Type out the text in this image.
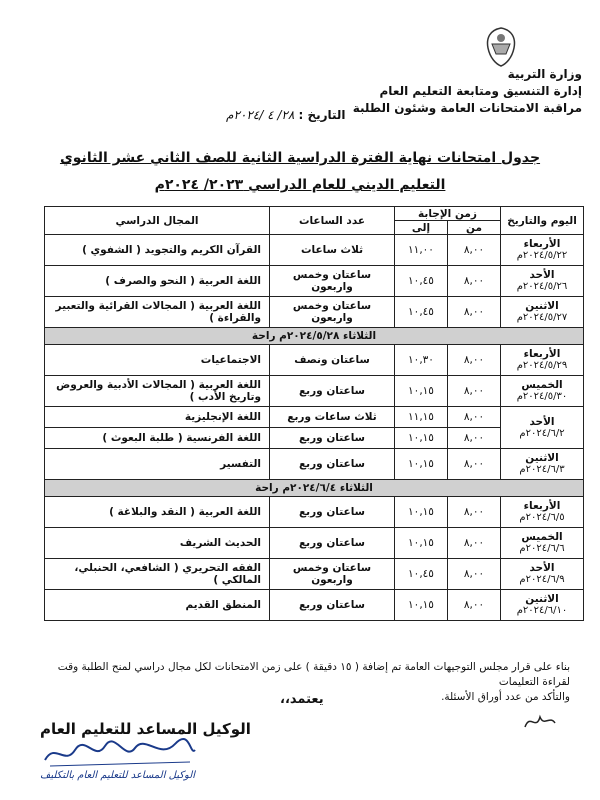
وزارة التربية
إدارة التنسيق ومتابعة التعليم العام
مراقبة الامتحانات العامة وشئون الطلبة
التاريخ : ٢٨/ ٤ /٢٠٢٤م
جدول امتحانات نهاية الفترة الدراسية الثانية للصف الثاني عشر الثانوي
التعليم الديني للعام الدراسي ٢٠٢٣/ ٢٠٢٤م
اليوم والتاريخ	زمن الإجابة		عدد الساعات	المجال الدراسي
	من	إلى		
الأربعاء
٢٠٢٤/٥/٢٢م	٨,٠٠	١١,٠٠	ثلاث ساعات	القرآن الكريم والتجويد ( الشفوي )
الأحد
٢٠٢٤/٥/٢٦م	٨,٠٠	١٠,٤٥	ساعتان وخمس واربعون	اللغة العربية ( النحو والصرف )
الاثنين
٢٠٢٤/٥/٢٧م	٨,٠٠	١٠,٤٥	ساعتان وخمس واربعون	اللغة العربية ( المجالات القرائية والتعبير والقراءة )
الثلاثاء ٢٠٢٤/٥/٢٨م راحة				
الأربعاء
٢٠٢٤/٥/٢٩م	٨,٠٠	١٠,٣٠	ساعتان ونصف	الاجتماعيات
الخميس
٢٠٢٤/٥/٣٠م	٨,٠٠	١٠,١٥	ساعتان وربع	اللغة العربية ( المجالات الأدبية والعروض وتاريخ الأدب )
الأحد
٢٠٢٤/٦/٢م	٨,٠٠	١١,١٥	ثلاث ساعات وربع	اللغة الإنجليزية
	٨,٠٠	١٠,١٥	ساعتان وربع	اللغة الفرنسية ( طلبة البعوث )
الاثنين
٢٠٢٤/٦/٣م	٨,٠٠	١٠,١٥	ساعتان وربع	التفسير
الثلاثاء ٢٠٢٤/٦/٤م راحة				
الأربعاء
٢٠٢٤/٦/٥م	٨,٠٠	١٠,١٥	ساعتان وربع	اللغة العربية ( النقد والبلاغة )
الخميس
٢٠٢٤/٦/٦م	٨,٠٠	١٠,١٥	ساعتان وربع	الحديث الشريف
الأحد
٢٠٢٤/٦/٩م	٨,٠٠	١٠,٤٥	ساعتان وخمس واربعون	الفقه التحريري ( الشافعي، الحنبلي، المالكي )
الاثنين
٢٠٢٤/٦/١٠م	٨,٠٠	١٠,١٥	ساعتان وربع	المنطق القديم
بناء على قرار مجلس التوجيهات العامة تم إضافة ( ١٥ دقيقة ) على زمن الامتحانات لكل مجال دراسي لمنح الطلبة وقت لقراءة التعليمات
والتأكد من عدد أوراق الأسئلة.
يعتمد،،
الوكيل المساعد للتعليم العام
الوكيل المساعد للتعليم العام بالتكليف
